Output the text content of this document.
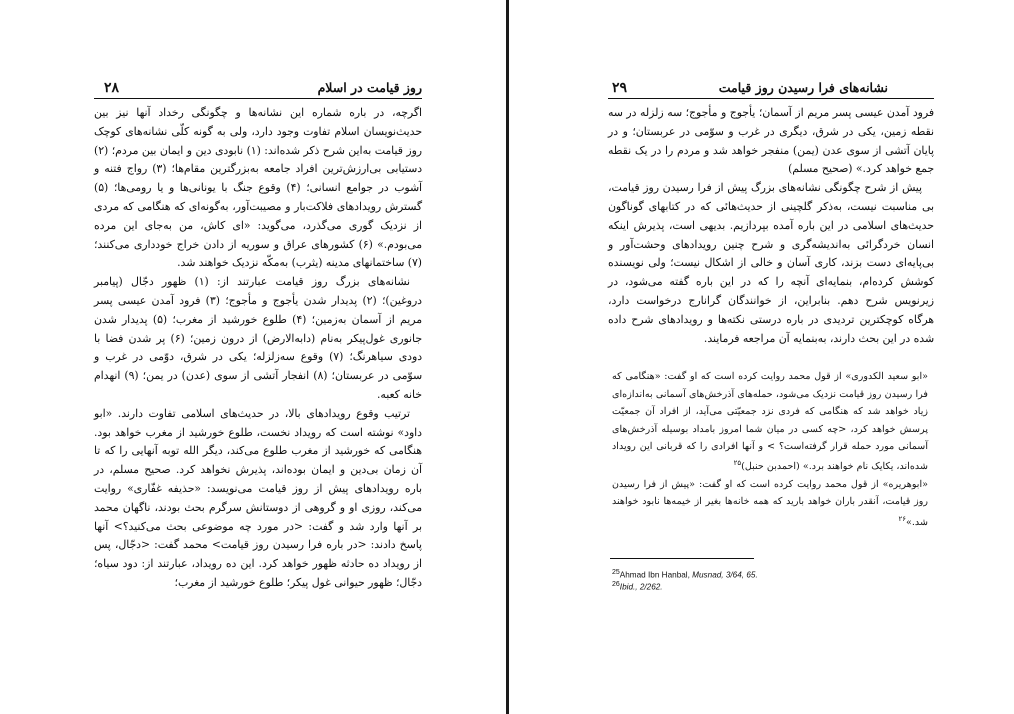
۲۸	روز قیامت در اسلام

اگرچه، در باره شماره این نشانه‌ها و چگونگی رخداد آنها نیز بین حدیث‌نویسان اسلام تفاوت وجود دارد، ولی به گونه کلّی نشانه‌های کوچک روز قیامت به‌این شرح ذکر شده‌اند: (۱) نابودی دین و ایمان بین مردم؛ (۲) دستیابی بی‌ارزش‌ترین افراد جامعه به‌بزرگترین مقام‌ها؛ (۳) رواج فتنه و آشوب در جوامع انسانی؛ (۴) وقوع جنگ با یونانی‌ها و یا رومی‌ها؛ (۵) گسترش رویدادهای فلاکت‌بار و مصیبت‌آور، به‌گونه‌ای که هنگامی که مردی از نزدیک گوری می‌گذرد، می‌گوید: «ای کاش، من به‌جای این مرده می‌بودم.» (۶) کشورهای عراق و سوریه از دادن خراج خودداری می‌کنند؛ (۷) ساختمانهای مدینه (یثرب) به‌مکّه نزدیک خواهند شد.

نشانه‌های بزرگ روز قیامت عبارتند از: (۱) ظهور دجّال (پیامبر دروغین)؛ (۲) پدیدار شدن یأجوج و مأجوج؛ (۳) فرود آمدن عیسی پسر مریم از آسمان به‌زمین؛ (۴) طلوع خورشید از مغرب؛ (۵) پدیدار شدن جانوری غول‌پیکر به‌نام (دابه‌الارض) از درون زمین؛ (۶) پر شدن فضا با دودی سیاهرنگ؛ (۷) وقوع سه‌زلزله؛ یکی در شرق، دوّمی در غرب و سوّمی در عربستان؛ (۸) انفجار آتشی از سوی (عدن) در یمن؛ (۹) انهدام خانه کعبه.

ترتیب وقوع رویدادهای بالا، در حدیث‌های اسلامی تفاوت دارند. «ابو داود» نوشته است که رویداد نخست، طلوع خورشید از مغرب خواهد بود. هنگامی که خورشید از مغرب طلوع می‌کند، دیگر الله توبه آنهایی را که تا آن زمان بی‌دین و ایمان بوده‌اند، پذیرش نخواهد کرد. صحیح مسلم، در باره رویدادهای پیش از روز قیامت می‌نویسد: «حذیفه غفّاری» روایت می‌کند، روزی او و گروهی از دوستانش سرگرم بحث بودند، ناگهان محمد بر آنها وارد شد و گفت: <در مورد چه موضوعی بحث می‌کنید؟> آنها پاسخ دادند: <در باره فرا رسیدن روز قیامت> محمد گفت: <دجّال، پس از رویداد ده حادثه ظهور خواهد کرد. این ده رویداد، عبارتند از: دود سیاه؛ دجّال؛ ظهور حیوانی غول پیکر؛ طلوع خورشید از مغرب؛

۲۹	نشانه‌های فرا رسیدن روز قیامت

فرود آمدن عیسی پسر مریم از آسمان؛ یأجوج و مأجوج؛ سه زلزله در سه نقطه زمین، یکی در شرق، دیگری در غرب و سوّمی در عربستان؛ و در پایان آتشی از سوی عدن (یمن) منفجر خواهد شد و مردم را در یک نقطه جمع خواهد کرد.» (صحیح مسلم)

پیش از شرح چگونگی نشانه‌های بزرگ پیش از فرا رسیدن روز قیامت، بی مناسبت نیست، به‌ذکر گلچینی از حدیث‌هائی که در کتابهای گوناگون حدیث‌های اسلامی در این باره آمده بپردازیم. بدیهی است، پذیرش اینکه انسان خردگرائی به‌اندیشه‌گری و شرح چنین رویدادهای وحشت‌آور و بی‌پایه‌ای دست بزند، کاری آسان و خالی از اشکال نیست؛ ولی نویسنده کوشش کرده‌ام، بنمایه‌ای آنچه را که در این باره گفته می‌شود، در زیرنویس شرح دهم. بنابراین، از خوانندگان گرانارج درخواست دارد، هرگاه کوچکترین تردیدی در باره درستی نکته‌ها و رویدادهای شرح داده شده در این بحث دارند، به‌بنمایه آن مراجعه فرمایند.

«ابو سعید الکدوری» از قول محمد روایت کرده است که او گفت: «هنگامی که فرا رسیدن روز قیامت نزدیک می‌شود، حمله‌های آذرخش‌های آسمانی به‌اندازه‌ای زیاد خواهد شد که هنگامی که فردی نزد جمعیّتی می‌آید، از افراد آن جمعیّت پرسش خواهد کرد، <چه کسی در میان شما امروز بامداد بوسیله آذرخش‌های آسمانی مورد حمله قرار گرفته‌است؟ > و آنها افرادی را که قربانی این رویداد شده‌اند، یکایک نام خواهند برد.» (احمدبن حنبل)$^{۲۵}$
«ابوهریره» از قول محمد روایت کرده است که او گفت: «پیش از فرا رسیدن روز قیامت، آنقدر باران خواهد بارید که همه خانه‌ها بغیر از خیمه‌ها نابود خواهند شد.»$^{۲۶}$
$^{25}$Ahmad Ibn Hanbal, Musnad, 3/64, 65.
$^{26}$Ibid., 2/262.
